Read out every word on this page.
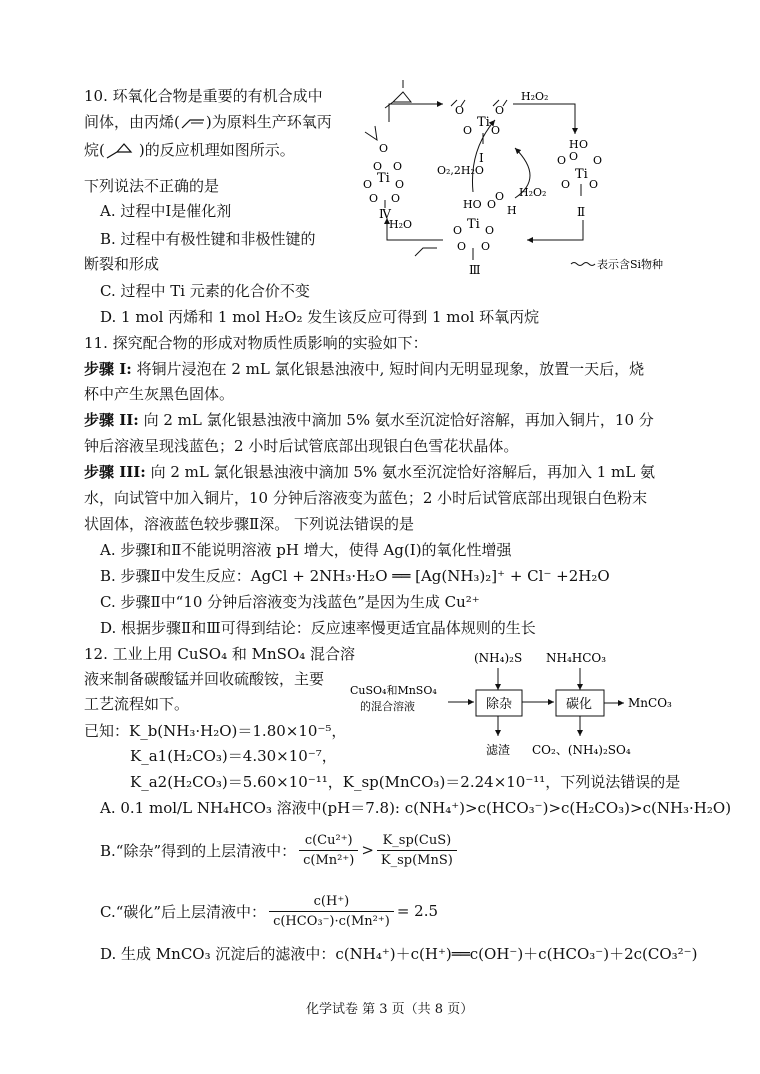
10. 环氧化合物是重要的有机合成中
间体，由丙烯( )为原料生产环氧丙
烷( )的反应机理如图所示。
下列说法不正确的是
A. 过程中I是催化剂
B. 过程中有极性键和非极性键的
断裂和形成
C. 过程中 Ti 元素的化合价不变
D. 1 mol 丙烯和 1 mol H₂O₂ 发生该反应可得到 1 mol 环氧丙烷
Ti
O	O
O O
I
H O
O
Ti
O O
O O
Ⅱ
HO O
O
H
Ti
O O
O O
Ⅲ
O
O O
Ti
O O
O O
Ⅳ
H₂O₂
H₂O₂
O₂,2H₂O
H₂O
表示含Si物种
11. 探究配合物的形成对物质性质影响的实验如下：
步骤 I: 将铜片浸泡在 2 mL 氯化银悬浊液中, 短时间内无明显现象，放置一天后，烧
杯中产生灰黑色固体。
步骤 II: 向 2 mL 氯化银悬浊液中滴加 5% 氨水至沉淀恰好溶解，再加入铜片，10 分
钟后溶液呈现浅蓝色；2 小时后试管底部出现银白色雪花状晶体。
步骤 III: 向 2 mL 氯化银悬浊液中滴加 5% 氨水至沉淀恰好溶解后，再加入 1 mL 氨
水，向试管中加入铜片，10 分钟后溶液变为蓝色；2 小时后试管底部出现银白色粉末
状固体，溶液蓝色较步骤Ⅱ深。 下列说法错误的是
A. 步骤Ⅰ和Ⅱ不能说明溶液 pH 增大，使得 Ag(I)的氧化性增强
B. 步骤Ⅱ中发生反应：AgCl + 2NH₃·H₂O ══ [Ag(NH₃)₂]⁺ + Cl⁻ +2H₂O
C. 步骤Ⅱ中“10 分钟后溶液变为浅蓝色”是因为生成 Cu²⁺
D. 根据步骤Ⅱ和Ⅲ可得到结论：反应速率慢更适宜晶体规则的生长
12. 工业上用 CuSO₄ 和 MnSO₄ 混合溶
液来制备碳酸锰并回收硫酸铵，主要
工艺流程如下。
已知：K_b(NH₃·H₂O)＝1.80×10⁻⁵，
K_a1(H₂CO₃)＝4.30×10⁻⁷，
K_a2(H₂CO₃)＝5.60×10⁻¹¹，K_sp(MnCO₃)＝2.24×10⁻¹¹，下列说法错误的是
(NH₄)₂S NH₄HCO₃
CuSO₄和MnSO₄
的混合溶液	除杂	碳化	MnCO₃
滤渣 CO₂、(NH₄)₂SO₄
A. 0.1 mol/L NH₄HCO₃ 溶液中(pH＝7.8): c(NH₄⁺)>c(HCO₃⁻)>c(H₂CO₃)>c(NH₃·H₂O)
B.“除杂”得到的上层清液中： $\frac{\text{c(Cu²⁺)}}{\text{c(Mn²⁺)}} > \frac{\text{K\_sp(CuS)}}{\text{K\_sp(MnS)}}$
C.“碳化”后上层清液中： $\frac{c(H^+)}{\text{c(HCO₃⁻)·c(Mn²⁺)}} = 2.5$
D. 生成 MnCO₃ 沉淀后的滤液中：c(NH₄⁺)＋c(H⁺)══c(OH⁻)＋c(HCO₃⁻)＋2c(CO₃²⁻)
化学试卷 第 3 页（共 8 页）
